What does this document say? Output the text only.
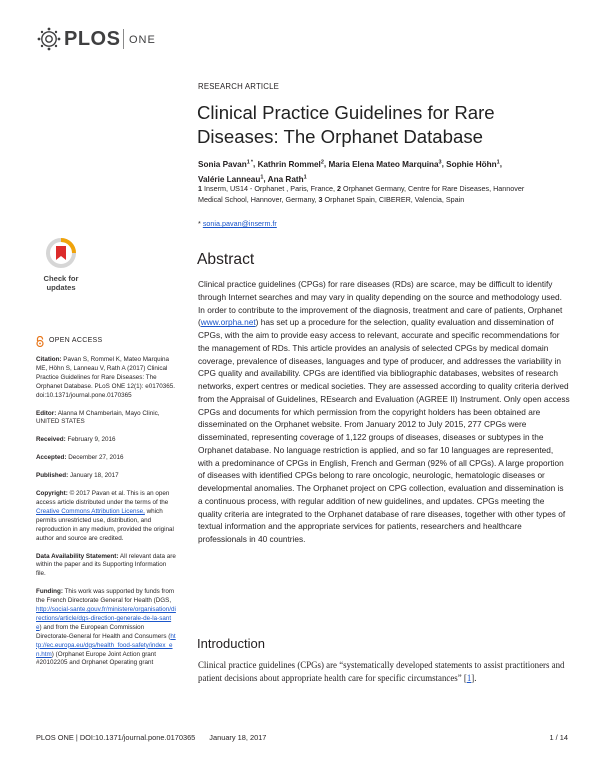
PLOS ONE
RESEARCH ARTICLE
Clinical Practice Guidelines for Rare Diseases: The Orphanet Database
Sonia Pavan$^{1 *}$, Kathrin Rommel$^2$, Maria Elena Mateo Marquina$^3$, Sophie Höhn$^1$,
Valérie Lanneau$^1$, Ana Rath$^1$
1 Inserm, US14 - Orphanet , Paris, France, 2 Orphanet Germany, Centre for Rare Diseases, Hannover Medical School, Hannover, Germany, 3 Orphanet Spain, CIBERER, Valencia, Spain
* sonia.pavan@inserm.fr
Check for
updates
OPEN ACCESS
Citation: Pavan S, Rommel K, Mateo Marquina ME, Höhn S, Lanneau V, Rath A (2017) Clinical Practice Guidelines for Rare Diseases: The Orphanet Database. PLoS ONE 12(1): e0170365. doi:10.1371/journal.pone.0170365
Editor: Alanna M Chamberlain, Mayo Clinic, UNITED STATES
Received: February 9, 2016
Accepted: December 27, 2016
Published: January 18, 2017
Copyright: © 2017 Pavan et al. This is an open access article distributed under the terms of the Creative Commons Attribution License, which permits unrestricted use, distribution, and reproduction in any medium, provided the original author and source are credited.
Data Availability Statement: All relevant data are within the paper and its Supporting Information file.
Funding: This work was supported by funds from the French Directorate General for Health (DGS, http://social-sante.gouv.fr/ministere/organisation/directions/article/dgs-direction-generale-de-la-sante) and from the European Commission Directorate-General for Health and Consumers (http://ec.europa.eu/dgs/health_food-safety/index_en.htm) (Orphanet Europe Joint Action grant #20102205 and Orphanet Operating grant
Abstract

Clinical practice guidelines (CPGs) for rare diseases (RDs) are scarce, may be difficult to identify through Internet searches and may vary in quality depending on the source and methodology used. In order to contribute to the improvement of the diagnosis, treatment and care of patients, Orphanet (www.orpha.net) has set up a procedure for the selection, quality evaluation and dissemination of CPGs, with the aim to provide easy access to relevant, accurate and specific recommendations for the management of RDs. This article provides an analysis of selected CPGs by medical domain coverage, prevalence of diseases, languages and type of producer, and addresses the variability in CPG quality and availability. CPGs are identified via bibliographic databases, websites of research networks, expert centres or medical societies. They are assessed according to quality criteria derived from the Appraisal of Guidelines, REsearch and Evaluation (AGREE II) Instrument. Only open access CPGs and documents for which permission from the copyright holders has been obtained are disseminated on the Orphanet website. From January 2012 to July 2015, 277 CPGs were disseminated, representing coverage of 1,122 groups of diseases, diseases or subtypes in the Orphanet database. No language restriction is applied, and so far 10 languages are represented, with a predominance of CPGs in English, French and German (92% of all CPGs). A large proportion of diseases with identified CPGs belong to rare oncologic, neurologic, hematologic diseases or developmental anomalies. The Orphanet project on CPG collection, evaluation and dissemination is a continuous process, with regular addition of new guidelines, and updates. CPGs meeting the quality criteria are integrated to the Orphanet database of rare diseases, together with other types of textual information and the appropriate services for patients, researchers and healthcare professionals in 40 countries.

Introduction

Clinical practice guidelines (CPGs) are “systematically developed statements to assist practitioners and patient decisions about appropriate health care for specific circumstances” [1].

PLOS ONE | DOI:10.1371/journal.pone.0170365 January 18, 2017	1 / 14
